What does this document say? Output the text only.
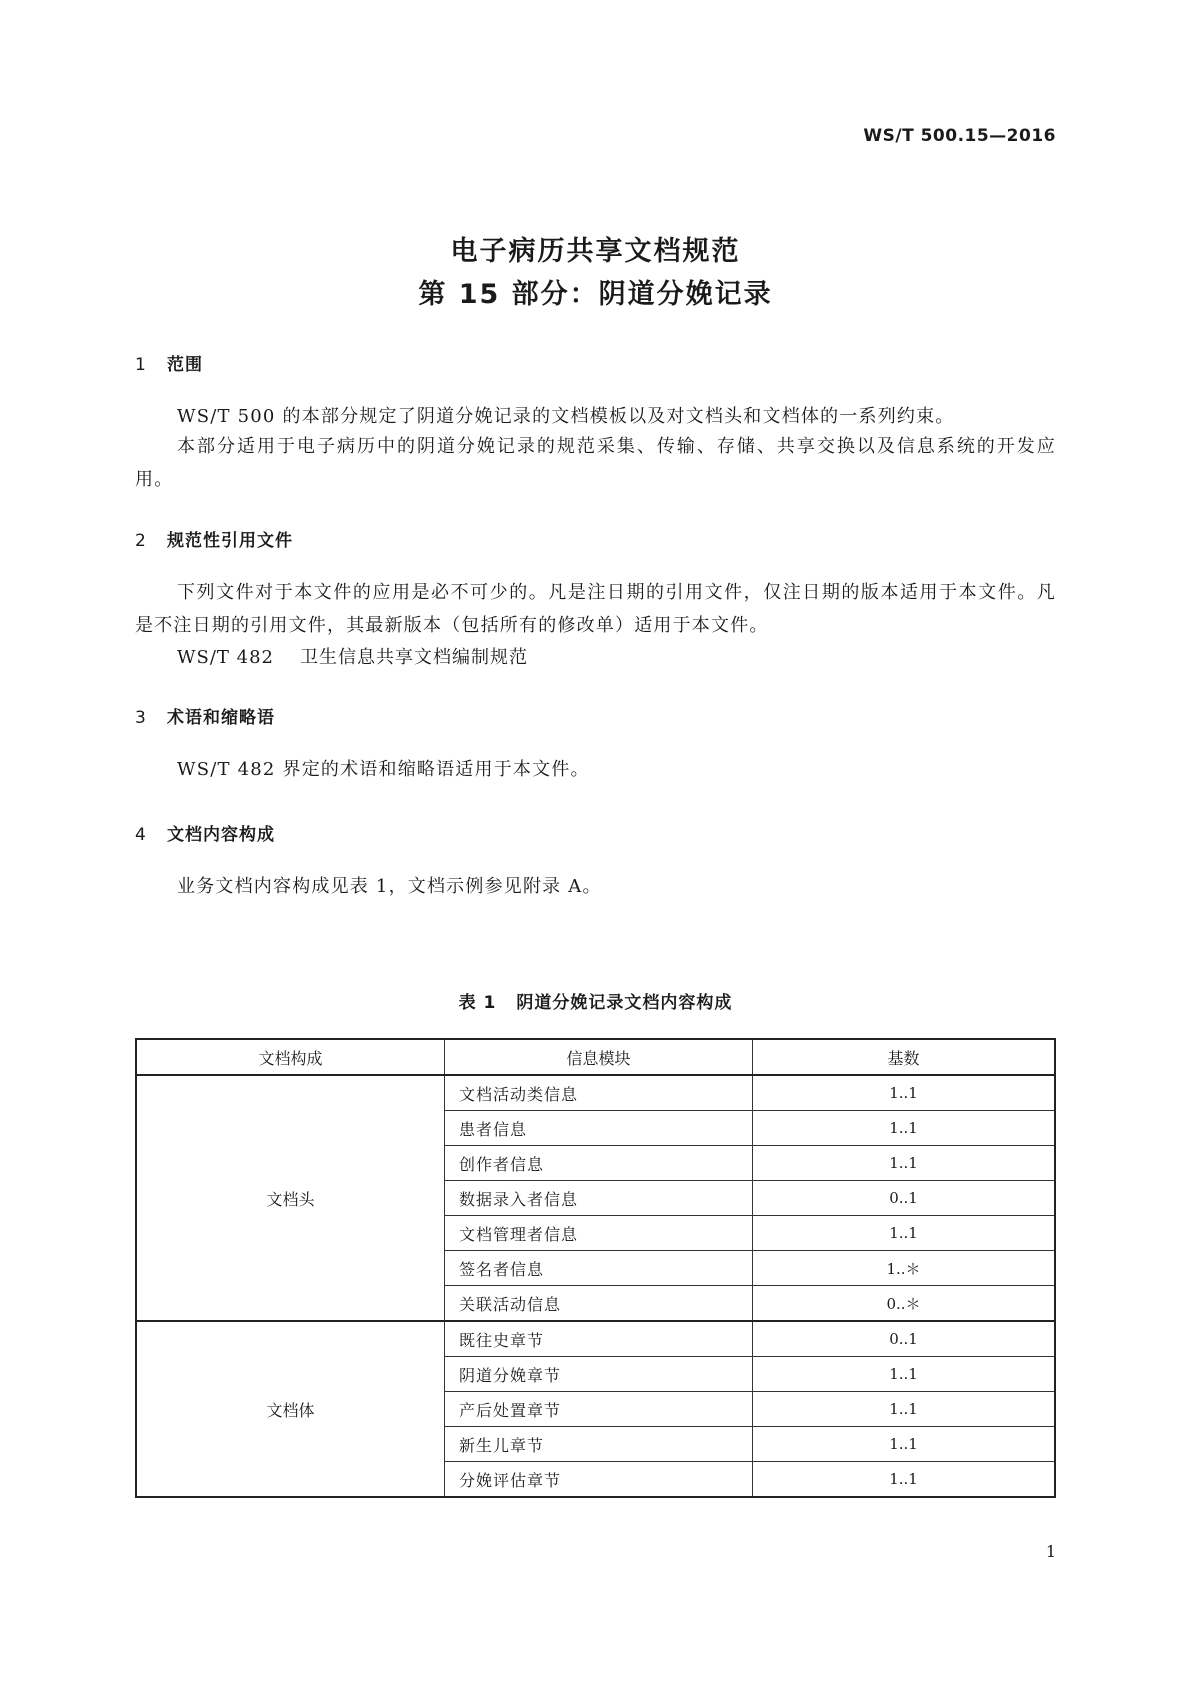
WS/T 500.15—2016
电子病历共享文档规范
第 15 部分：阴道分娩记录
1 范围
WS/T 500 的本部分规定了阴道分娩记录的文档模板以及对文档头和文档体的一系列约束。
本部分适用于电子病历中的阴道分娩记录的规范采集、传输、存储、共享交换以及信息系统的开发应用。
2 规范性引用文件
下列文件对于本文件的应用是必不可少的。凡是注日期的引用文件，仅注日期的版本适用于本文件。凡是不注日期的引用文件，其最新版本（包括所有的修改单）适用于本文件。
WS/T 482 卫生信息共享文档编制规范
3 术语和缩略语
WS/T 482 界定的术语和缩略语适用于本文件。
4 文档内容构成
业务文档内容构成见表 1，文档示例参见附录 A。
表 1 阴道分娩记录文档内容构成
文档构成	信息模块	基数
文档头	文档活动类信息	1..1
	患者信息	1..1
	创作者信息	1..1
	数据录入者信息	0..1
	文档管理者信息	1..1
	签名者信息	1..＊
	关联活动信息	0..＊
文档体	既往史章节	0..1
	阴道分娩章节	1..1
	产后处置章节	1..1
	新生儿章节	1..1
	分娩评估章节	1..1
1
